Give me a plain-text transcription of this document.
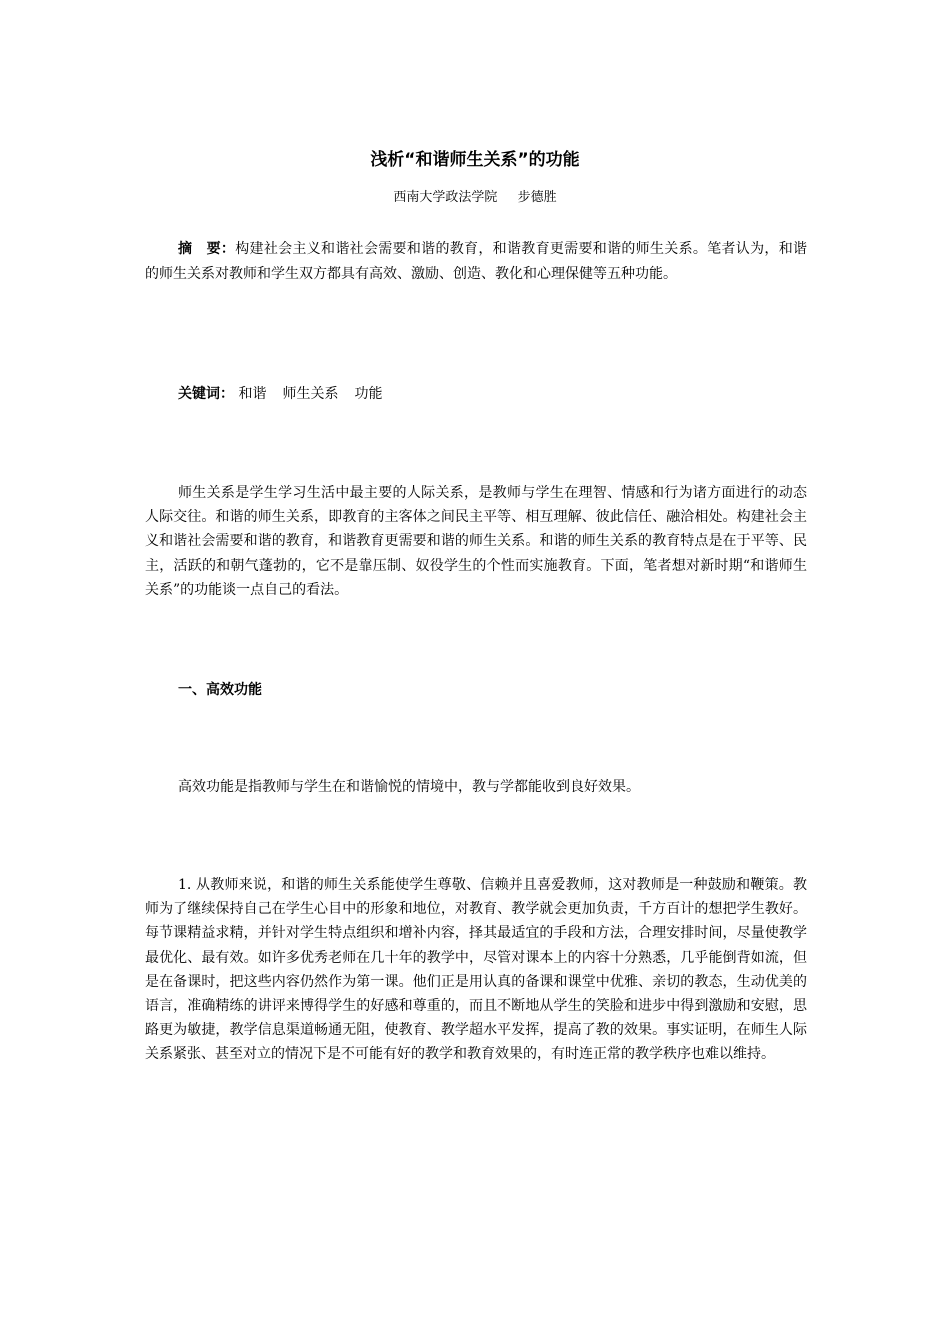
浅析“和谐师生关系”的功能

西南大学政法学院 步德胜

摘　要：构建社会主义和谐社会需要和谐的教育，和谐教育更需要和谐的师生关系。笔者认为，和谐的师生关系对教师和学生双方都具有高效、激励、创造、教化和心理保健等五种功能。

关键词： 和谐 师生关系 功能

师生关系是学生学习生活中最主要的人际关系，是教师与学生在理智、情感和行为诸方面进行的动态人际交往。和谐的师生关系，即教育的主客体之间民主平等、相互理解、彼此信任、融洽相处。构建社会主义和谐社会需要和谐的教育，和谐教育更需要和谐的师生关系。和谐的师生关系的教育特点是在于平等、民主，活跃的和朝气蓬勃的，它不是靠压制、奴役学生的个性而实施教育。下面，笔者想对新时期“和谐师生关系”的功能谈一点自己的看法。

一、高效功能

高效功能是指教师与学生在和谐愉悦的情境中，教与学都能收到良好效果。

1. 从教师来说，和谐的师生关系能使学生尊敬、信赖并且喜爱教师，这对教师是一种鼓励和鞭策。教师为了继续保持自己在学生心目中的形象和地位，对教育、教学就会更加负责，千方百计的想把学生教好。每节课精益求精，并针对学生特点组织和增补内容，择其最适宜的手段和方法，合理安排时间，尽量使教学最优化、最有效。如许多优秀老师在几十年的教学中，尽管对课本上的内容十分熟悉，几乎能倒背如流，但是在备课时，把这些内容仍然作为第一课。他们正是用认真的备课和课堂中优雅、亲切的教态，生动优美的语言，准确精练的讲评来博得学生的好感和尊重的，而且不断地从学生的笑脸和进步中得到激励和安慰，思路更为敏捷，教学信息渠道畅通无阻，使教育、教学超水平发挥，提高了教的效果。事实证明，在师生人际关系紧张、甚至对立的情况下是不可能有好的教学和教育效果的，有时连正常的教学秩序也难以维持。
